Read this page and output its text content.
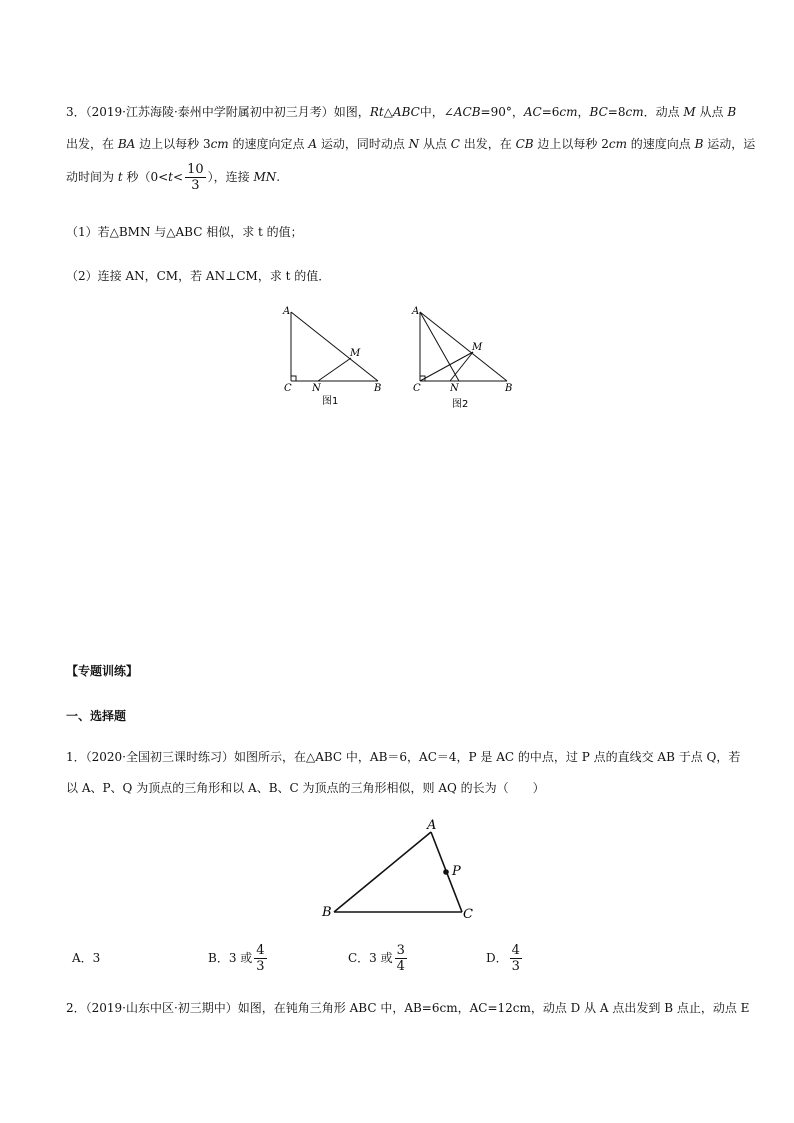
3．（2019·江苏海陵·泰州中学附属初中初三月考）如图，Rt△ABC中，∠ACB=90°，AC=6cm，BC=8cm．动点 M 从点 B
出发，在 BA 边上以每秒 3cm 的速度向定点 A 运动，同时动点 N 从点 C 出发，在 CB 边上以每秒 2cm 的速度向点 B 运动，运
动时间为 t 秒（$0<t< \frac{10}{3}$ ），连接 MN.
（1）若△BMN 与△ABC 相似，求 t 的值；
（2）连接 AN，CM，若 AN⊥CM，求 t 的值．
A
M
C N	B
图1
A
M
C	N	B
图2
【专题训练】
一、选择题
1．（2020·全国初三课时练习）如图所示，在△ABC 中，AB＝6，AC＝4，P 是 AC 的中点，过 P 点的直线交 AB 于点 Q，若
以 A、P、Q 为顶点的三角形和以 A、B、C 为顶点的三角形相似，则 AQ 的长为（　　）
A
P
B	C
A．3	B．3 或 $\frac{4}{3}$	C．3 或 $\frac{3}{4}$	D． $\frac{4}{3}$
2．（2019·山东中区·初三期中）如图，在钝角三角形 ABC 中，AB=6cm，AC=12cm，动点 D 从 A 点出发到 B 点止，动点 E
